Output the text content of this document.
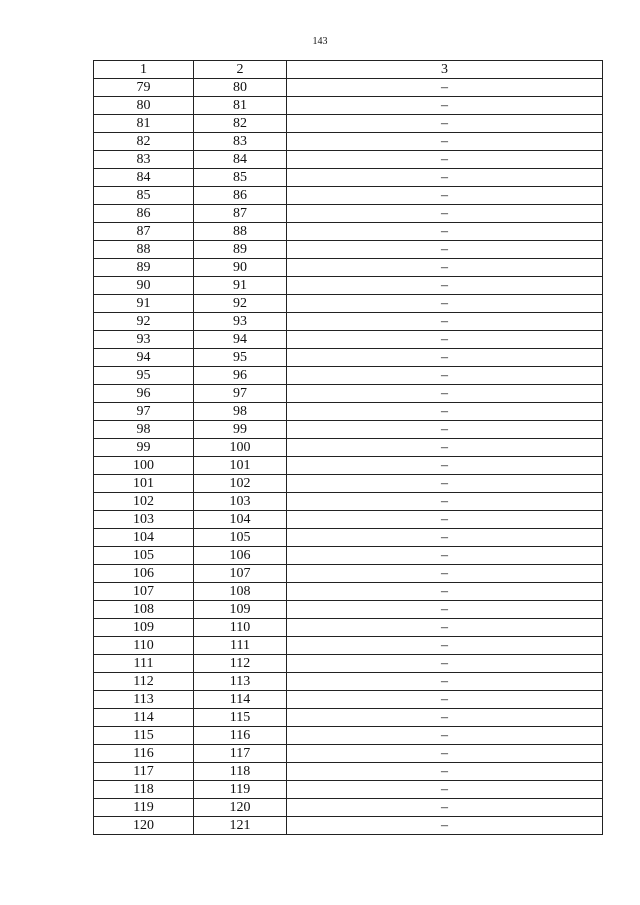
143
1	2	3
79	80	–
80	81	–
81	82	–
82	83	–
83	84	–
84	85	–
85	86	–
86	87	–
87	88	–
88	89	–
89	90	–
90	91	–
91	92	–
92	93	–
93	94	–
94	95	–
95	96	–
96	97	–
97	98	–
98	99	–
99	100	–
100	101	–
101	102	–
102	103	–
103	104	–
104	105	–
105	106	–
106	107	–
107	108	–
108	109	–
109	110	–
110	111	–
111	112	–
112	113	–
113	114	–
114	115	–
115	116	–
116	117	–
117	118	–
118	119	–
119	120	–
120	121	–
